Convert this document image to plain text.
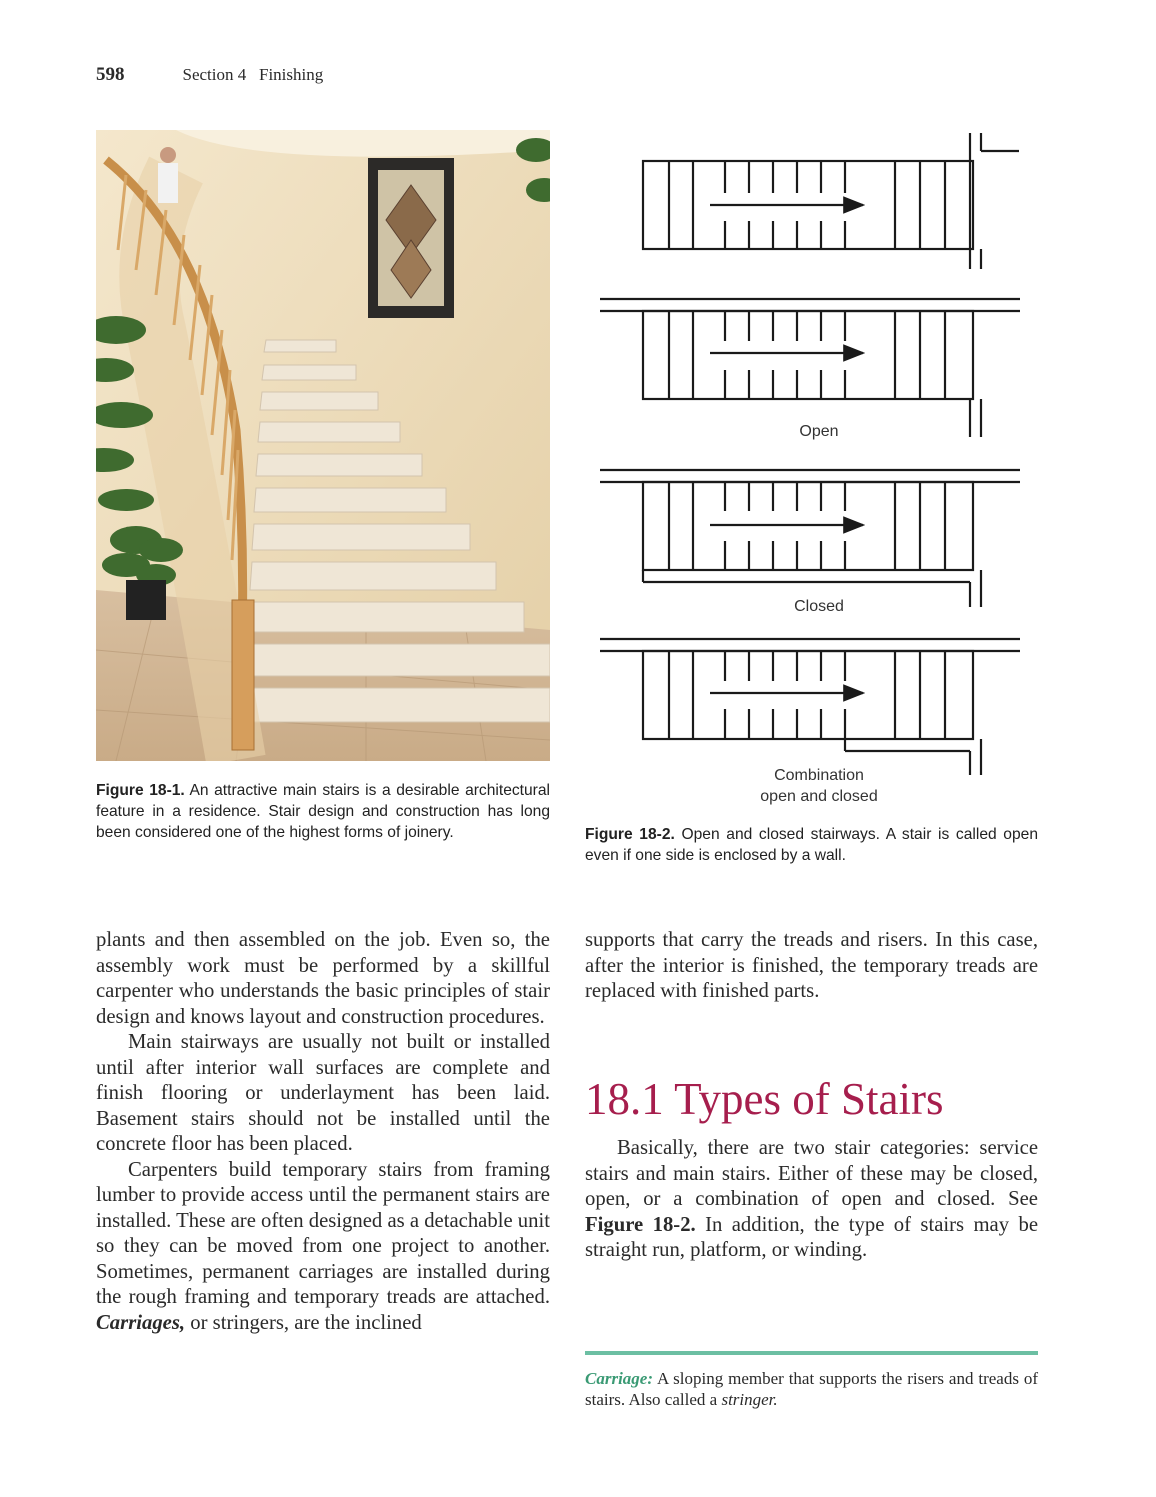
598	Section 4   Finishing
Figure 18-1. An attractive main stairs is a desirable architectural feature in a residence. Stair design and construction has long been considered one of the highest forms of joinery.
Open
Closed
Combination
open and closed
Figure 18-2. Open and closed stairways. A stair is called open even if one side is enclosed by a wall.

plants and then assembled on the job. Even so, the assembly work must be performed by a skillful carpenter who understands the basic principles of stair design and knows layout and construction procedures.

Main stairways are usually not built or installed until after interior wall surfaces are complete and finish flooring or underlayment has been laid. Basement stairs should not be installed until the concrete floor has been placed.

Carpenters build temporary stairs from framing lumber to provide access until the permanent stairs are installed. These are often designed as a detachable unit so they can be moved from one project to another. Sometimes, permanent carriages are installed during the rough framing and temporary treads are attached. Carriages, or stringers, are the inclined

supports that carry the treads and risers. In this case, after the interior is finished, the temporary treads are replaced with finished parts.

18.1 Types of Stairs

Basically, there are two stair categories: service stairs and main stairs. Either of these may be closed, open, or a combination of open and closed. See Figure 18-2. In addition, the type of stairs may be straight run, platform, or winding.

Carriage: A sloping member that supports the risers and treads of stairs. Also called a stringer.
